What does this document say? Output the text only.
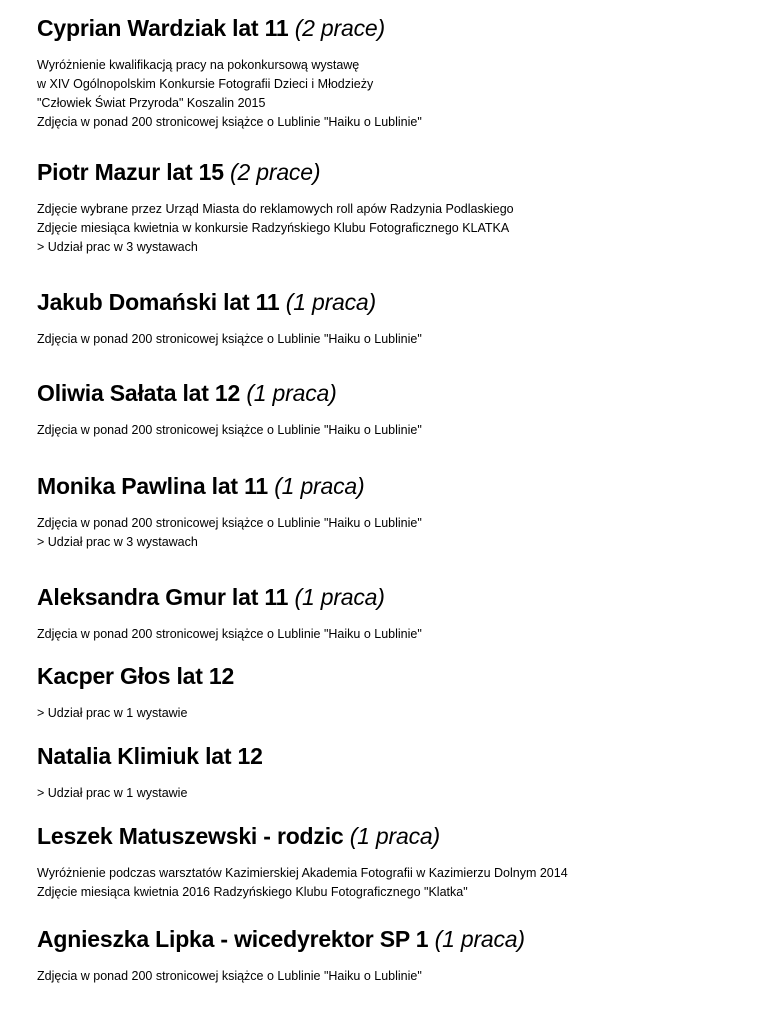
Cyprian Wardziak lat 11 (2 prace)
Wyróżnienie kwalifikacją pracy na pokonkursową wystawę
w XIV Ogólnopolskim Konkursie Fotografii Dzieci i Młodzieży
"Człowiek Świat Przyroda" Koszalin 2015
Zdjęcia w ponad 200 stronicowej książce o Lublinie "Haiku o Lublinie"
Piotr Mazur lat 15 (2 prace)
Zdjęcie wybrane przez Urząd Miasta do reklamowych roll apów Radzynia Podlaskiego
Zdjęcie miesiąca kwietnia w konkursie Radzyńskiego Klubu Fotograficznego KLATKA
> Udział prac w 3 wystawach
Jakub Domański lat 11 (1 praca)
Zdjęcia w ponad 200 stronicowej książce o Lublinie "Haiku o Lublinie"
Oliwia Sałata lat 12 (1 praca)
Zdjęcia w ponad 200 stronicowej książce o Lublinie "Haiku o Lublinie"
Monika Pawlina lat 11 (1 praca)
Zdjęcia w ponad 200 stronicowej książce o Lublinie "Haiku o Lublinie"
> Udział prac w 3 wystawach
Aleksandra Gmur lat 11 (1 praca)
Zdjęcia w ponad 200 stronicowej książce o Lublinie "Haiku o Lublinie"
Kacper Głos lat 12
> Udział prac w 1 wystawie
Natalia Klimiuk lat 12
> Udział prac w 1 wystawie
Leszek Matuszewski - rodzic (1 praca)
Wyróżnienie podczas warsztatów Kazimierskiej Akademia Fotografii w Kazimierzu Dolnym 2014
Zdjęcie miesiąca kwietnia 2016 Radzyńskiego Klubu Fotograficznego "Klatka"
Agnieszka Lipka - wicedyrektor SP 1 (1 praca)
Zdjęcia w ponad 200 stronicowej książce o Lublinie "Haiku o Lublinie"
